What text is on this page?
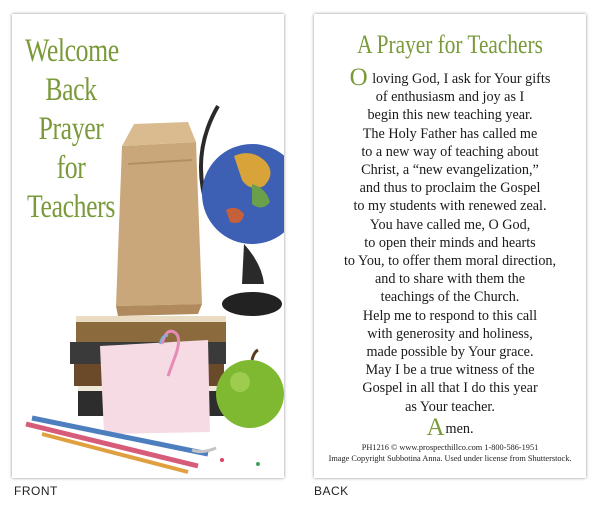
Welcome
Back
Prayer
for
Teachers
A Prayer for Teachers
O loving God, I ask for Your gifts
of enthusiasm and joy as I
begin this new teaching year.
The Holy Father has called me
to a new way of teaching about
Christ, a “new evangelization,”
and thus to proclaim the Gospel
to my students with renewed zeal.
You have called me, O God,
to open their minds and hearts
to You, to offer them moral direction,
and to share with them the
teachings of the Church.
Help me to respond to this call
with generosity and holiness,
made possible by Your grace.
May I be a true witness of the
Gospel in all that I do this year
as Your teacher.
Amen.
PH1216 © www.prospecthillco.com 1-800-586-1951
Image Copyright Subbotina Anna. Used under license from Shutterstock.
FRONT	BACK
